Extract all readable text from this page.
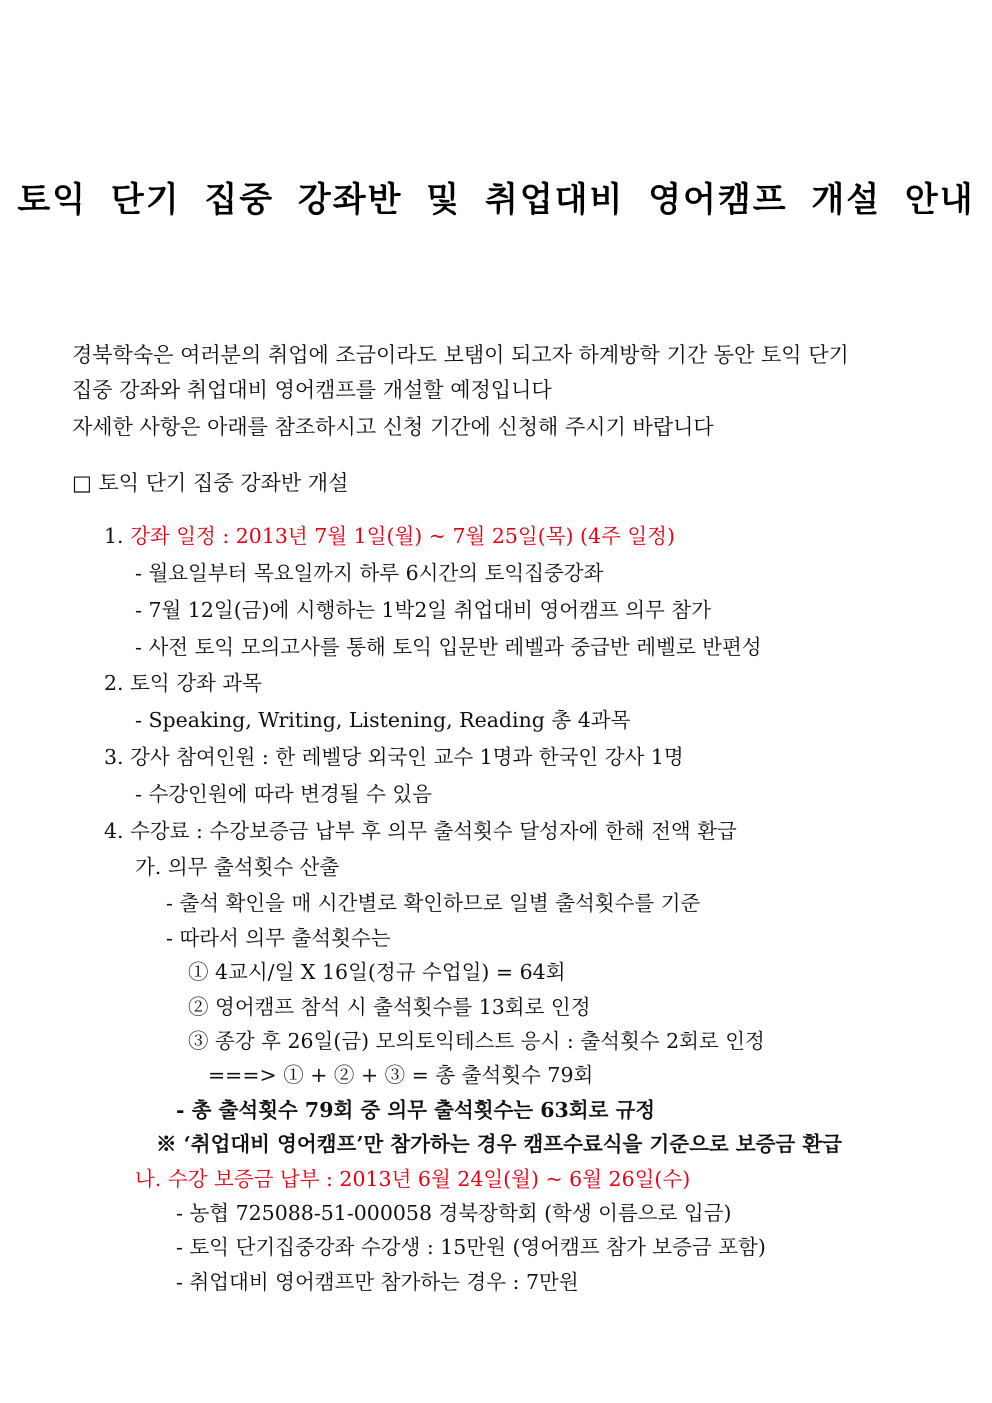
토익 단기 집중 강좌반 및 취업대비 영어캠프 개설 안내
경북학숙은 여러분의 취업에 조금이라도 보탬이 되고자 하계방학 기간 동안 토익 단기
집중 강좌와 취업대비 영어캠프를 개설할 예정입니다
자세한 사항은 아래를 참조하시고 신청 기간에 신청해 주시기 바랍니다
□ 토익 단기 집중 강좌반 개설
1. 강좌 일정 : 2013년 7월 1일(월) ~ 7월 25일(목) (4주 일정)
- 월요일부터 목요일까지 하루 6시간의 토익집중강좌
- 7월 12일(금)에 시행하는 1박2일 취업대비 영어캠프 의무 참가
- 사전 토익 모의고사를 통해 토익 입문반 레벨과 중급반 레벨로 반편성
2. 토익 강좌 과목
- Speaking, Writing, Listening, Reading 총 4과목
3. 강사 참여인원 : 한 레벨당 외국인 교수 1명과 한국인 강사 1명
- 수강인원에 따라 변경될 수 있음
4. 수강료 : 수강보증금 납부 후 의무 출석횟수 달성자에 한해 전액 환급
가. 의무 출석횟수 산출
- 출석 확인을 매 시간별로 확인하므로 일별 출석횟수를 기준
- 따라서 의무 출석횟수는
① 4교시/일 X 16일(정규 수업일) = 64회
② 영어캠프 참석 시 출석횟수를 13회로 인정
③ 종강 후 26일(금) 모의토익테스트 응시 : 출석횟수 2회로 인정
===> ① + ② + ③ = 총 출석횟수 79회
- 총 출석횟수 79회 중 의무 출석횟수는 63회로 규정
※ ‘취업대비 영어캠프’만 참가하는 경우 캠프수료식을 기준으로 보증금 환급
나. 수강 보증금 납부 : 2013년 6월 24일(월) ~ 6월 26일(수)
- 농협 725088-51-000058 경북장학회 (학생 이름으로 입금)
- 토익 단기집중강좌 수강생 : 15만원 (영어캠프 참가 보증금 포함)
- 취업대비 영어캠프만 참가하는 경우 : 7만원
